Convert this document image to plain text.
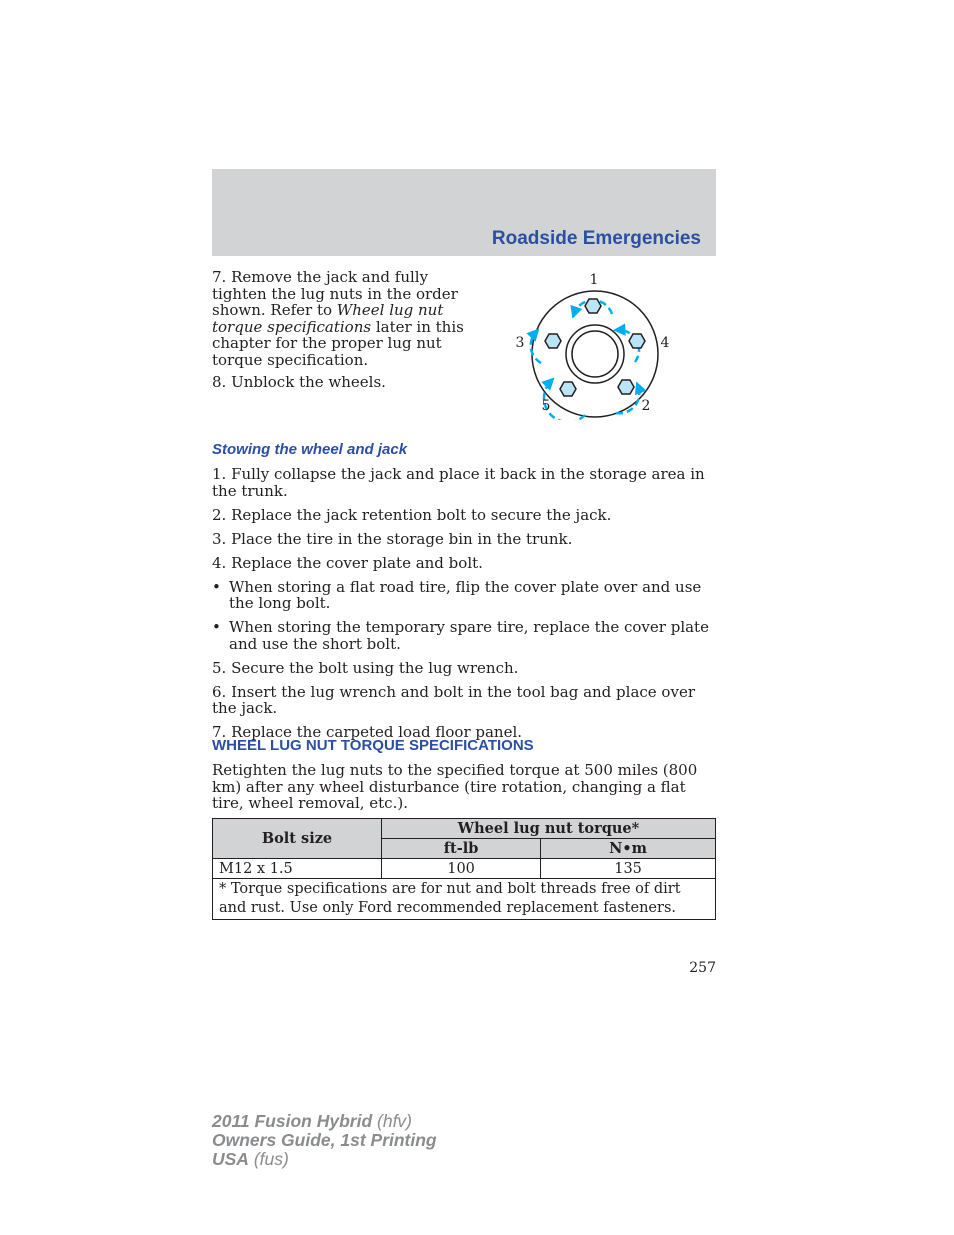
Roadside Emergencies

7. Remove the jack and fully tighten the lug nuts in the order shown. Refer to Wheel lug nut torque specifications later in this chapter for the proper lug nut torque specification.

8. Unblock the wheels.

1
2
3	4
5
Stowing the wheel and jack
1. Fully collapse the jack and place it back in the storage area in the trunk.
2. Replace the jack retention bolt to secure the jack.
3. Place the tire in the storage bin in the trunk.
4. Replace the cover plate and bolt.
• When storing a flat road tire, flip the cover plate over and use the long bolt.
• When storing the temporary spare tire, replace the cover plate and use the short bolt.
5. Secure the bolt using the lug wrench.
6. Insert the lug wrench and bolt in the tool bag and place over the jack.
7. Replace the carpeted load floor panel.
WHEEL LUG NUT TORQUE SPECIFICATIONS
Retighten the lug nuts to the specified torque at 500 miles (800 km) after any wheel disturbance (tire rotation, changing a flat tire, wheel removal, etc.).
Bolt size	Wheel lug nut torque*	
	ft-lb	N•m
M12 x 1.5	100	135
* Torque specifications are for nut and bolt threads free of dirt and rust. Use only Ford recommended replacement fasteners.		
257
2011 Fusion Hybrid (hfv)
Owners Guide, 1st Printing
USA (fus)
